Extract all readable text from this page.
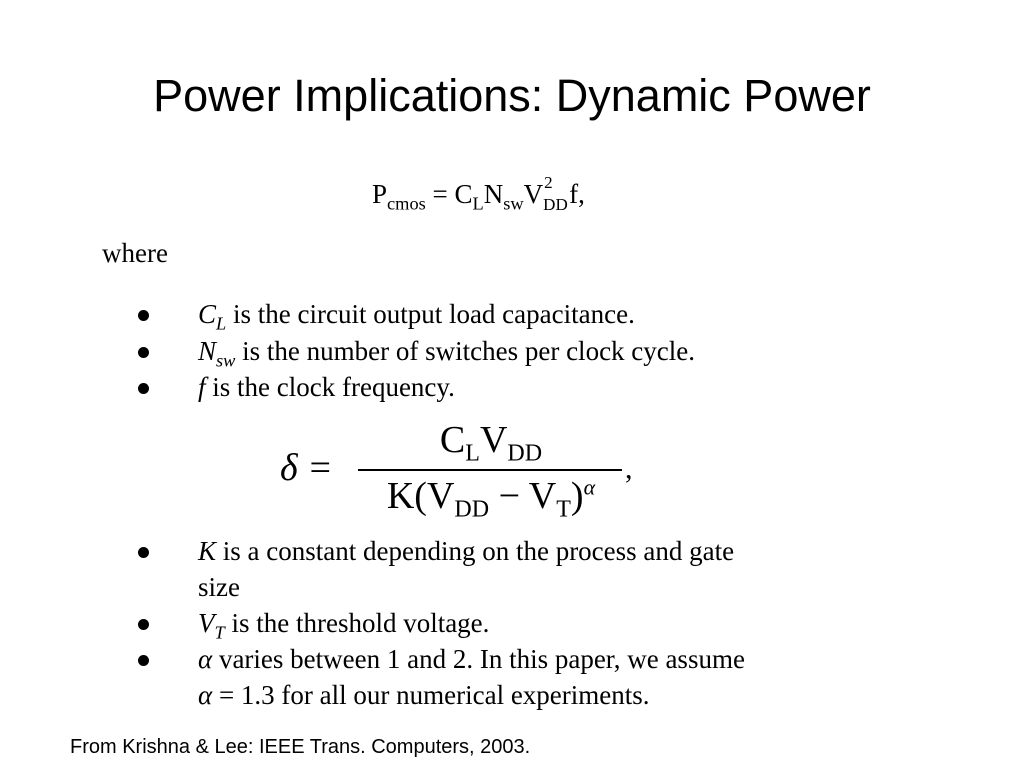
Power Implications: Dynamic Power
$P_{cmos} = C_LN_{sw}V$ 2
DD f,
where
$C_L$ is the circuit output load capacitance.
$N_{sw}$ is the number of switches per clock cycle.
f is the clock frequency.
δ =
$C_LV_{DD}$
$K(V_{DD} - V_T)^\alpha$
,
K is a constant depending on the process and gate
size
$V_T$ is the threshold voltage.
α varies between 1 and 2. In this paper, we assume
α = 1.3 for all our numerical experiments.
From Krishna & Lee: IEEE Trans. Computers, 2003.
